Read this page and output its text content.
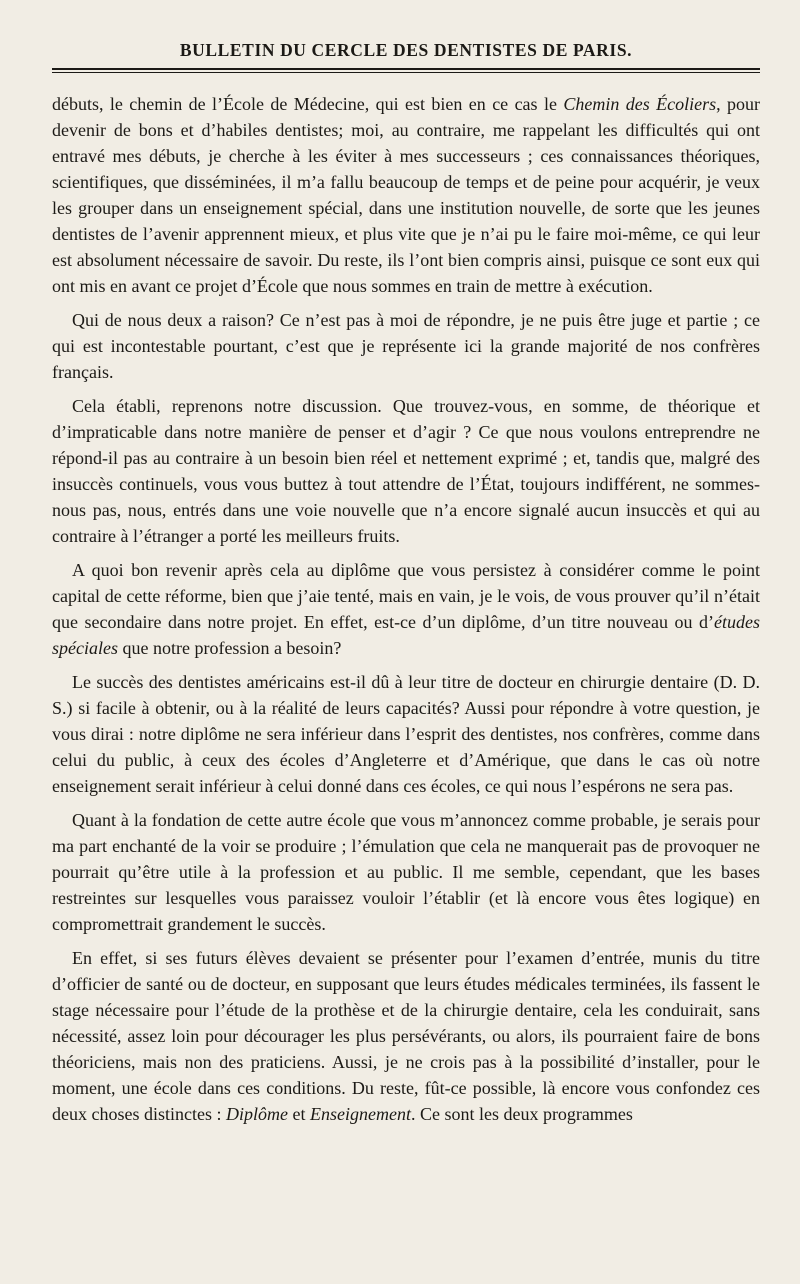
BULLETIN DU CERCLE DES DENTISTES DE PARIS.

débuts, le chemin de l’École de Médecine, qui est bien en ce cas le Chemin des Écoliers, pour devenir de bons et d’habiles dentistes; moi, au contraire, me rappelant les difficultés qui ont entravé mes débuts, je cherche à les éviter à mes successeurs ; ces connaissances théoriques, scientifiques, que disséminées, il m’a fallu beaucoup de temps et de peine pour acquérir, je veux les grouper dans un enseignement spécial, dans une institution nouvelle, de sorte que les jeunes dentistes de l’avenir apprennent mieux, et plus vite que je n’ai pu le faire moi-même, ce qui leur est absolument nécessaire de savoir. Du reste, ils l’ont bien compris ainsi, puisque ce sont eux qui ont mis en avant ce projet d’École que nous sommes en train de mettre à exécution.

Qui de nous deux a raison? Ce n’est pas à moi de répondre, je ne puis être juge et partie ; ce qui est incontestable pourtant, c’est que je représente ici la grande majorité de nos confrères français.

Cela établi, reprenons notre discussion. Que trouvez-vous, en somme, de théorique et d’impraticable dans notre manière de penser et d’agir ? Ce que nous voulons entreprendre ne répond-il pas au contraire à un besoin bien réel et nettement exprimé ; et, tandis que, malgré des insuccès continuels, vous vous buttez à tout attendre de l’État, toujours indifférent, ne sommes-nous pas, nous, entrés dans une voie nouvelle que n’a encore signalé aucun insuccès et qui au contraire à l’étranger a porté les meilleurs fruits.

A quoi bon revenir après cela au diplôme que vous persistez à considérer comme le point capital de cette réforme, bien que j’aie tenté, mais en vain, je le vois, de vous prouver qu’il n’était que secondaire dans notre projet. En effet, est-ce d’un diplôme, d’un titre nouveau ou d’études spéciales que notre profession a besoin?

Le succès des dentistes américains est-il dû à leur titre de docteur en chirurgie dentaire (D. D. S.) si facile à obtenir, ou à la réalité de leurs capacités? Aussi pour répondre à votre question, je vous dirai : notre diplôme ne sera inférieur dans l’esprit des dentistes, nos confrères, comme dans celui du public, à ceux des écoles d’Angleterre et d’Amérique, que dans le cas où notre enseignement serait inférieur à celui donné dans ces écoles, ce qui nous l’espérons ne sera pas.

Quant à la fondation de cette autre école que vous m’annoncez comme probable, je serais pour ma part enchanté de la voir se produire ; l’émulation que cela ne manquerait pas de provoquer ne pourrait qu’être utile à la profession et au public. Il me semble, cependant, que les bases restreintes sur lesquelles vous paraissez vouloir l’établir (et là encore vous êtes logique) en compromettrait grandement le succès.

En effet, si ses futurs élèves devaient se présenter pour l’examen d’entrée, munis du titre d’officier de santé ou de docteur, en supposant que leurs études médicales terminées, ils fassent le stage nécessaire pour l’étude de la prothèse et de la chirurgie dentaire, cela les conduirait, sans nécessité, assez loin pour décourager les plus persévérants, ou alors, ils pourraient faire de bons théoriciens, mais non des praticiens. Aussi, je ne crois pas à la possibilité d’installer, pour le moment, une école dans ces conditions. Du reste, fût-ce possible, là encore vous confondez ces deux choses distinctes : Diplôme et Enseignement. Ce sont les deux programmes
